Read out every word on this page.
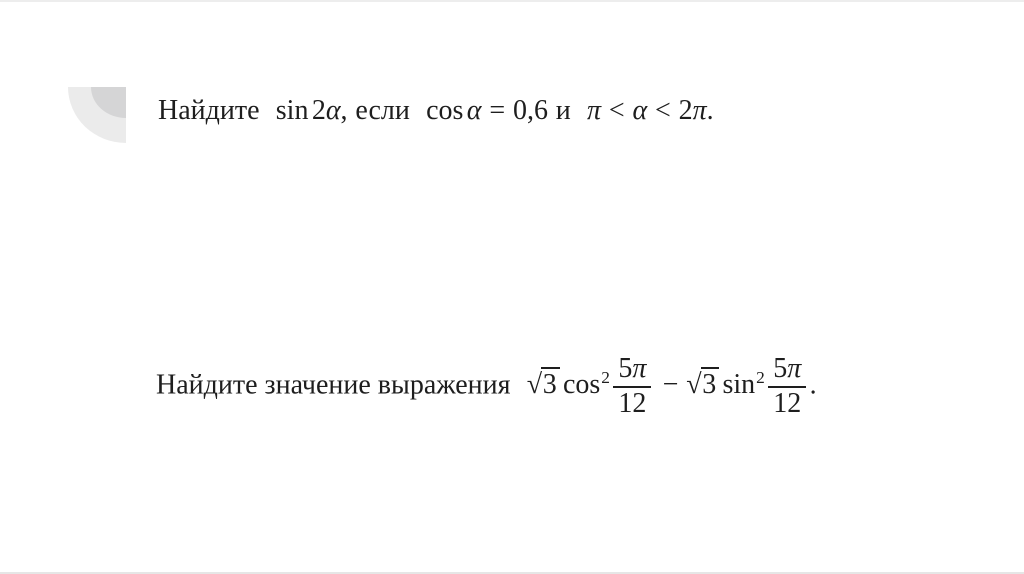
Найдите sin 2α, если cos α = 0,6 и π < α < 2π.
Найдите значение выражения √3 $\cos^2 \frac{5\pi}{12} - √3$ $\sin^2 \frac{5\pi}{12}$ .
